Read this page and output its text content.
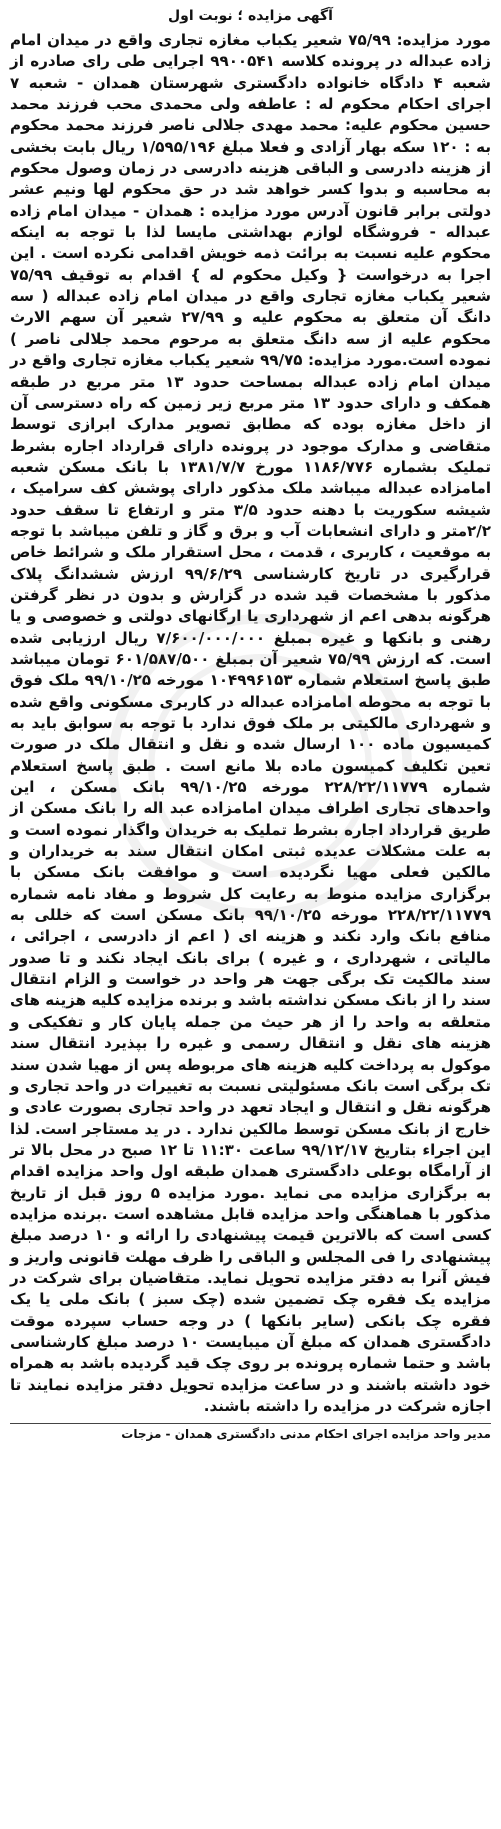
آگهی مزایده ؛ نوبت اول

مورد مزایده: ۷۵/۹۹ شعیر یکباب مغازه تجاری واقع در میدان امام زاده عبداله در پرونده کلاسه ۹۹۰۰۵۴۱ اجرایی طی رای صادره از شعبه ۴ دادگاه خانواده دادگستری شهرستان همدان - شعبه ۷ اجرای احکام محکوم له : عاطفه ولی محمدی محب فرزند محمد حسین محکوم علیه: محمد مهدی جلالی ناصر فرزند محمد محکوم به : ۱۲۰ سکه بهار آزادی و فعلا مبلغ ۱/۵۹۵/۱۹۶ ریال بابت بخشی از هزینه دادرسی و الباقی هزینه دادرسی در زمان وصول محکوم به محاسبه و بدوا کسر خواهد شد در حق محکوم لها ونیم عشر دولتی برابر قانون آدرس مورد مزایده : همدان - میدان امام زاده عبداله - فروشگاه لوازم بهداشتی مایسا لذا با توجه به اینکه محکوم علیه نسبت به برائت ذمه خویش اقدامی نکرده است . این اجرا به درخواست { وکیل محکوم له } اقدام به توقیف ۷۵/۹۹ شعیر یکباب مغازه تجاری واقع در میدان امام زاده عبداله ( سه دانگ آن متعلق به محکوم علیه و ۲۷/۹۹ شعیر آن سهم الارث محکوم علیه از سه دانگ متعلق به مرحوم محمد جلالی ناصر ) نموده است.مورد مزایده: ۹۹/۷۵ شعیر یکباب مغازه تجاری واقع در میدان امام زاده عبداله بمساحت حدود ۱۳ متر مربع در طبقه همکف و دارای حدود ۱۳ متر مربع زیر زمین که راه دسترسی آن از داخل مغازه بوده که مطابق تصویر مدارک ابرازی توسط متقاضی و مدارک موجود در پرونده دارای قرارداد اجاره بشرط تملیک بشماره ۱۱۸۶/۷۷۶ مورخ ۱۳۸۱/۷/۷ با بانک مسکن شعبه امامزاده عبداله میباشد ملک مذکور دارای پوشش کف سرامیک ، شیشه سکوریت با دهنه حدود ۳/۵ متر و ارتفاع تا سقف حدود ۲/۲متر و دارای انشعابات آب و برق و گاز و تلفن میباشد با توجه به موقعیت ، کاربری ، قدمت ، محل استقرار ملک و شرائط خاص قرارگیری در تاریخ کارشناسی ۹۹/۶/۲۹ ارزش ششدانگ پلاک مذکور با مشخصات قید شده در گزارش و بدون در نظر گرفتن هرگونه بدهی اعم از شهرداری یا ارگانهای دولتی و خصوصی و یا رهنی و بانکها و غیره بمبلغ ۷/۶۰۰/۰۰۰/۰۰۰ ریال ارزیابی شده است. که ارزش ۷۵/۹۹ شعیر آن بمبلغ ۶۰۱/۵۸۷/۵۰۰ تومان میباشد طبق پاسخ استعلام شماره ۱۰۴۹۹۶۱۵۳ مورخه ۹۹/۱۰/۲۵ ملک فوق با توجه به محوطه امامزاده عبداله در کاربری مسکونی واقع شده و شهرداری مالکیتی بر ملک فوق ندارد با توجه به سوابق باید به کمیسیون ماده ۱۰۰ ارسال شده و نقل و انتقال ملک در صورت تعین تکلیف کمیسون ماده بلا مانع است . طبق پاسخ استعلام شماره ۲۲۸/۲۲/۱۱۷۷۹ مورخه ۹۹/۱۰/۲۵ بانک مسکن ، این واحدهای تجاری اطراف میدان امامزاده عبد اله را بانک مسکن از طریق قرارداد اجاره بشرط تملیک به خریدان واگذار نموده است و به علت مشکلات عدیده ثبتی امکان انتقال سند به خریداران و مالکین فعلی مهیا نگردیده است و موافقت بانک مسکن با برگزاری مزایده منوط به رعایت کل شروط و مفاد نامه شماره ۲۲۸/۲۲/۱۱۷۷۹ مورخه ۹۹/۱۰/۲۵ بانک مسکن است که خللی به منافع بانک وارد نکند و هزینه ای ( اعم از دادرسی ، اجرائی ، مالیاتی ، شهرداری ، و غیره ) برای بانک ایجاد نکند و تا صدور سند مالکیت تک برگی جهت هر واحد در خواست و الزام انتقال سند را از بانک مسکن نداشته باشد و برنده مزایده کلیه هزینه های متعلقه به واحد را از هر حیث من جمله پایان کار و تفکیکی و هزینه های نقل و انتقال رسمی و غیره را بپذیرد انتقال سند موکول به پرداخت کلیه هزینه های مربوطه پس از مهیا شدن سند تک برگی است بانک مسئولیتی نسبت به تغییرات در واحد تجاری و هرگونه نقل و انتقال و ایجاد تعهد در واحد تجاری بصورت عادی و خارج از بانک مسکن توسط مالکین ندارد . در ید مستاجر است. لذا این اجراء بتاریخ ۹۹/۱۲/۱۷ ساعت ۱۱:۳۰ تا ۱۲ صبح در محل بالا تر از آرامگاه بوعلی دادگستری همدان طبقه اول واحد مزایده اقدام به برگزاری مزایده می نماید .مورد مزایده ۵ روز قبل از تاریخ مذکور با هماهنگی واحد مزایده قابل مشاهده است .برنده مزایده کسی است که بالاترین قیمت پیشنهادی را ارائه و ۱۰ درصد مبلغ پیشنهادی را فی المجلس و الباقی را ظرف مهلت قانونی واریز و فیش آنرا به دفتر مزایده تحویل نماید. متقاضیان برای شرکت در مزایده یک فقره چک تضمین شده (چک سبز ) بانک ملی یا یک فقره چک بانکی (سایر بانکها ) در وجه حساب سپرده موقت دادگستری همدان که مبلغ آن میبایست ۱۰ درصد مبلغ کارشناسی باشد و حتما شماره پرونده بر روی چک قید گردیده باشد به همراه خود داشته باشند و در ساعت مزایده تحویل دفتر مزایده نمایند تا اجازه شرکت در مزایده را داشته باشند.

مدیر واحد مزایده اجرای احکام مدنی دادگستری همدان - مزجات
